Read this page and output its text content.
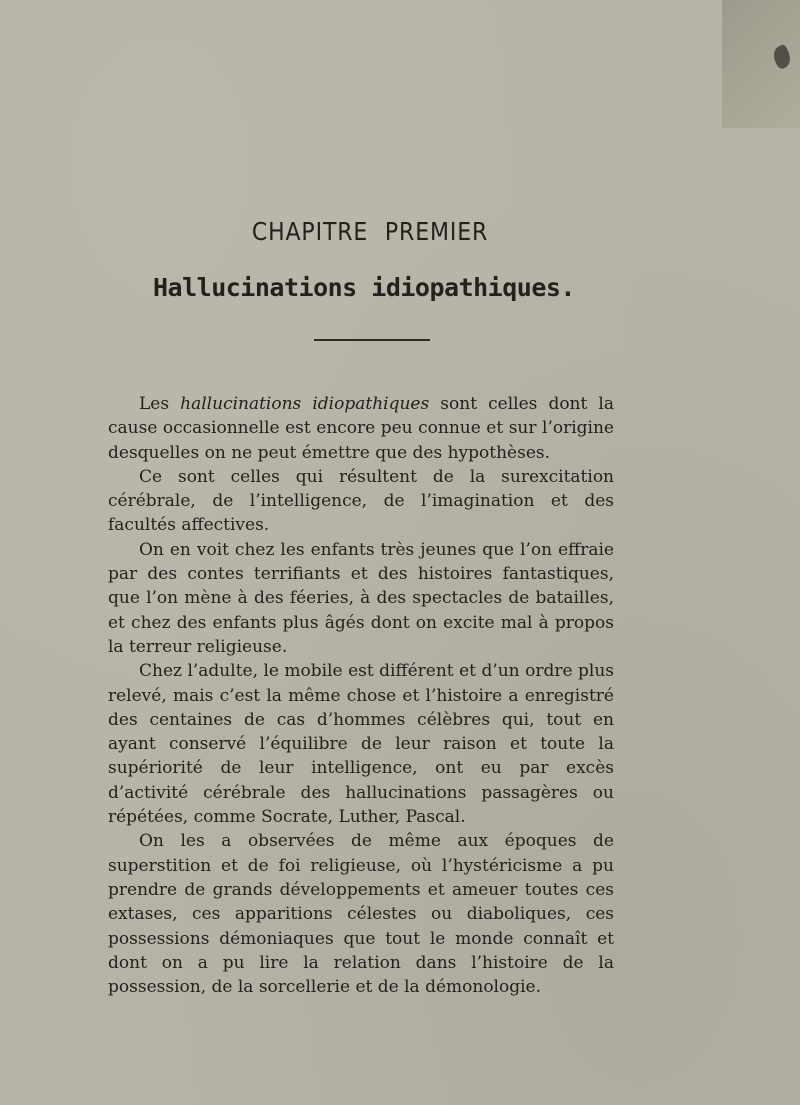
CHAPITRE PREMIER
Hallucinations idiopathiques.

Les hallucinations idiopathiques sont celles dont la cause occasionnelle est encore peu connue et sur l’origine desquelles on ne peut émettre que des hypothèses.

Ce sont celles qui résultent de la surexcitation cérébrale, de l’intelligence, de l’imagination et des facultés affectives.

On en voit chez les enfants très jeunes que l’on effraie par des contes terrifiants et des histoires fantastiques, que l’on mène à des féeries, à des spectacles de batailles, et chez des enfants plus âgés dont on excite mal à propos la terreur religieuse.

Chez l’adulte, le mobile est différent et d’un ordre plus relevé, mais c’est la même chose et l’histoire a enregistré des centaines de cas d’hommes célèbres qui, tout en ayant conservé l’équilibre de leur raison et toute la supériorité de leur intelligence, ont eu par excès d’activité cérébrale des hallucinations passagères ou répétées, comme Socrate, Luther, Pascal.

On les a observées de même aux époques de superstition et de foi religieuse, où l’hystéricisme a pu prendre de grands développements et ameuer toutes ces extases, ces apparitions célestes ou diaboliques, ces possessions démoniaques que tout le monde connaît et dont on a pu lire la relation dans l’histoire de la possession, de la sorcellerie et de la démonologie.
